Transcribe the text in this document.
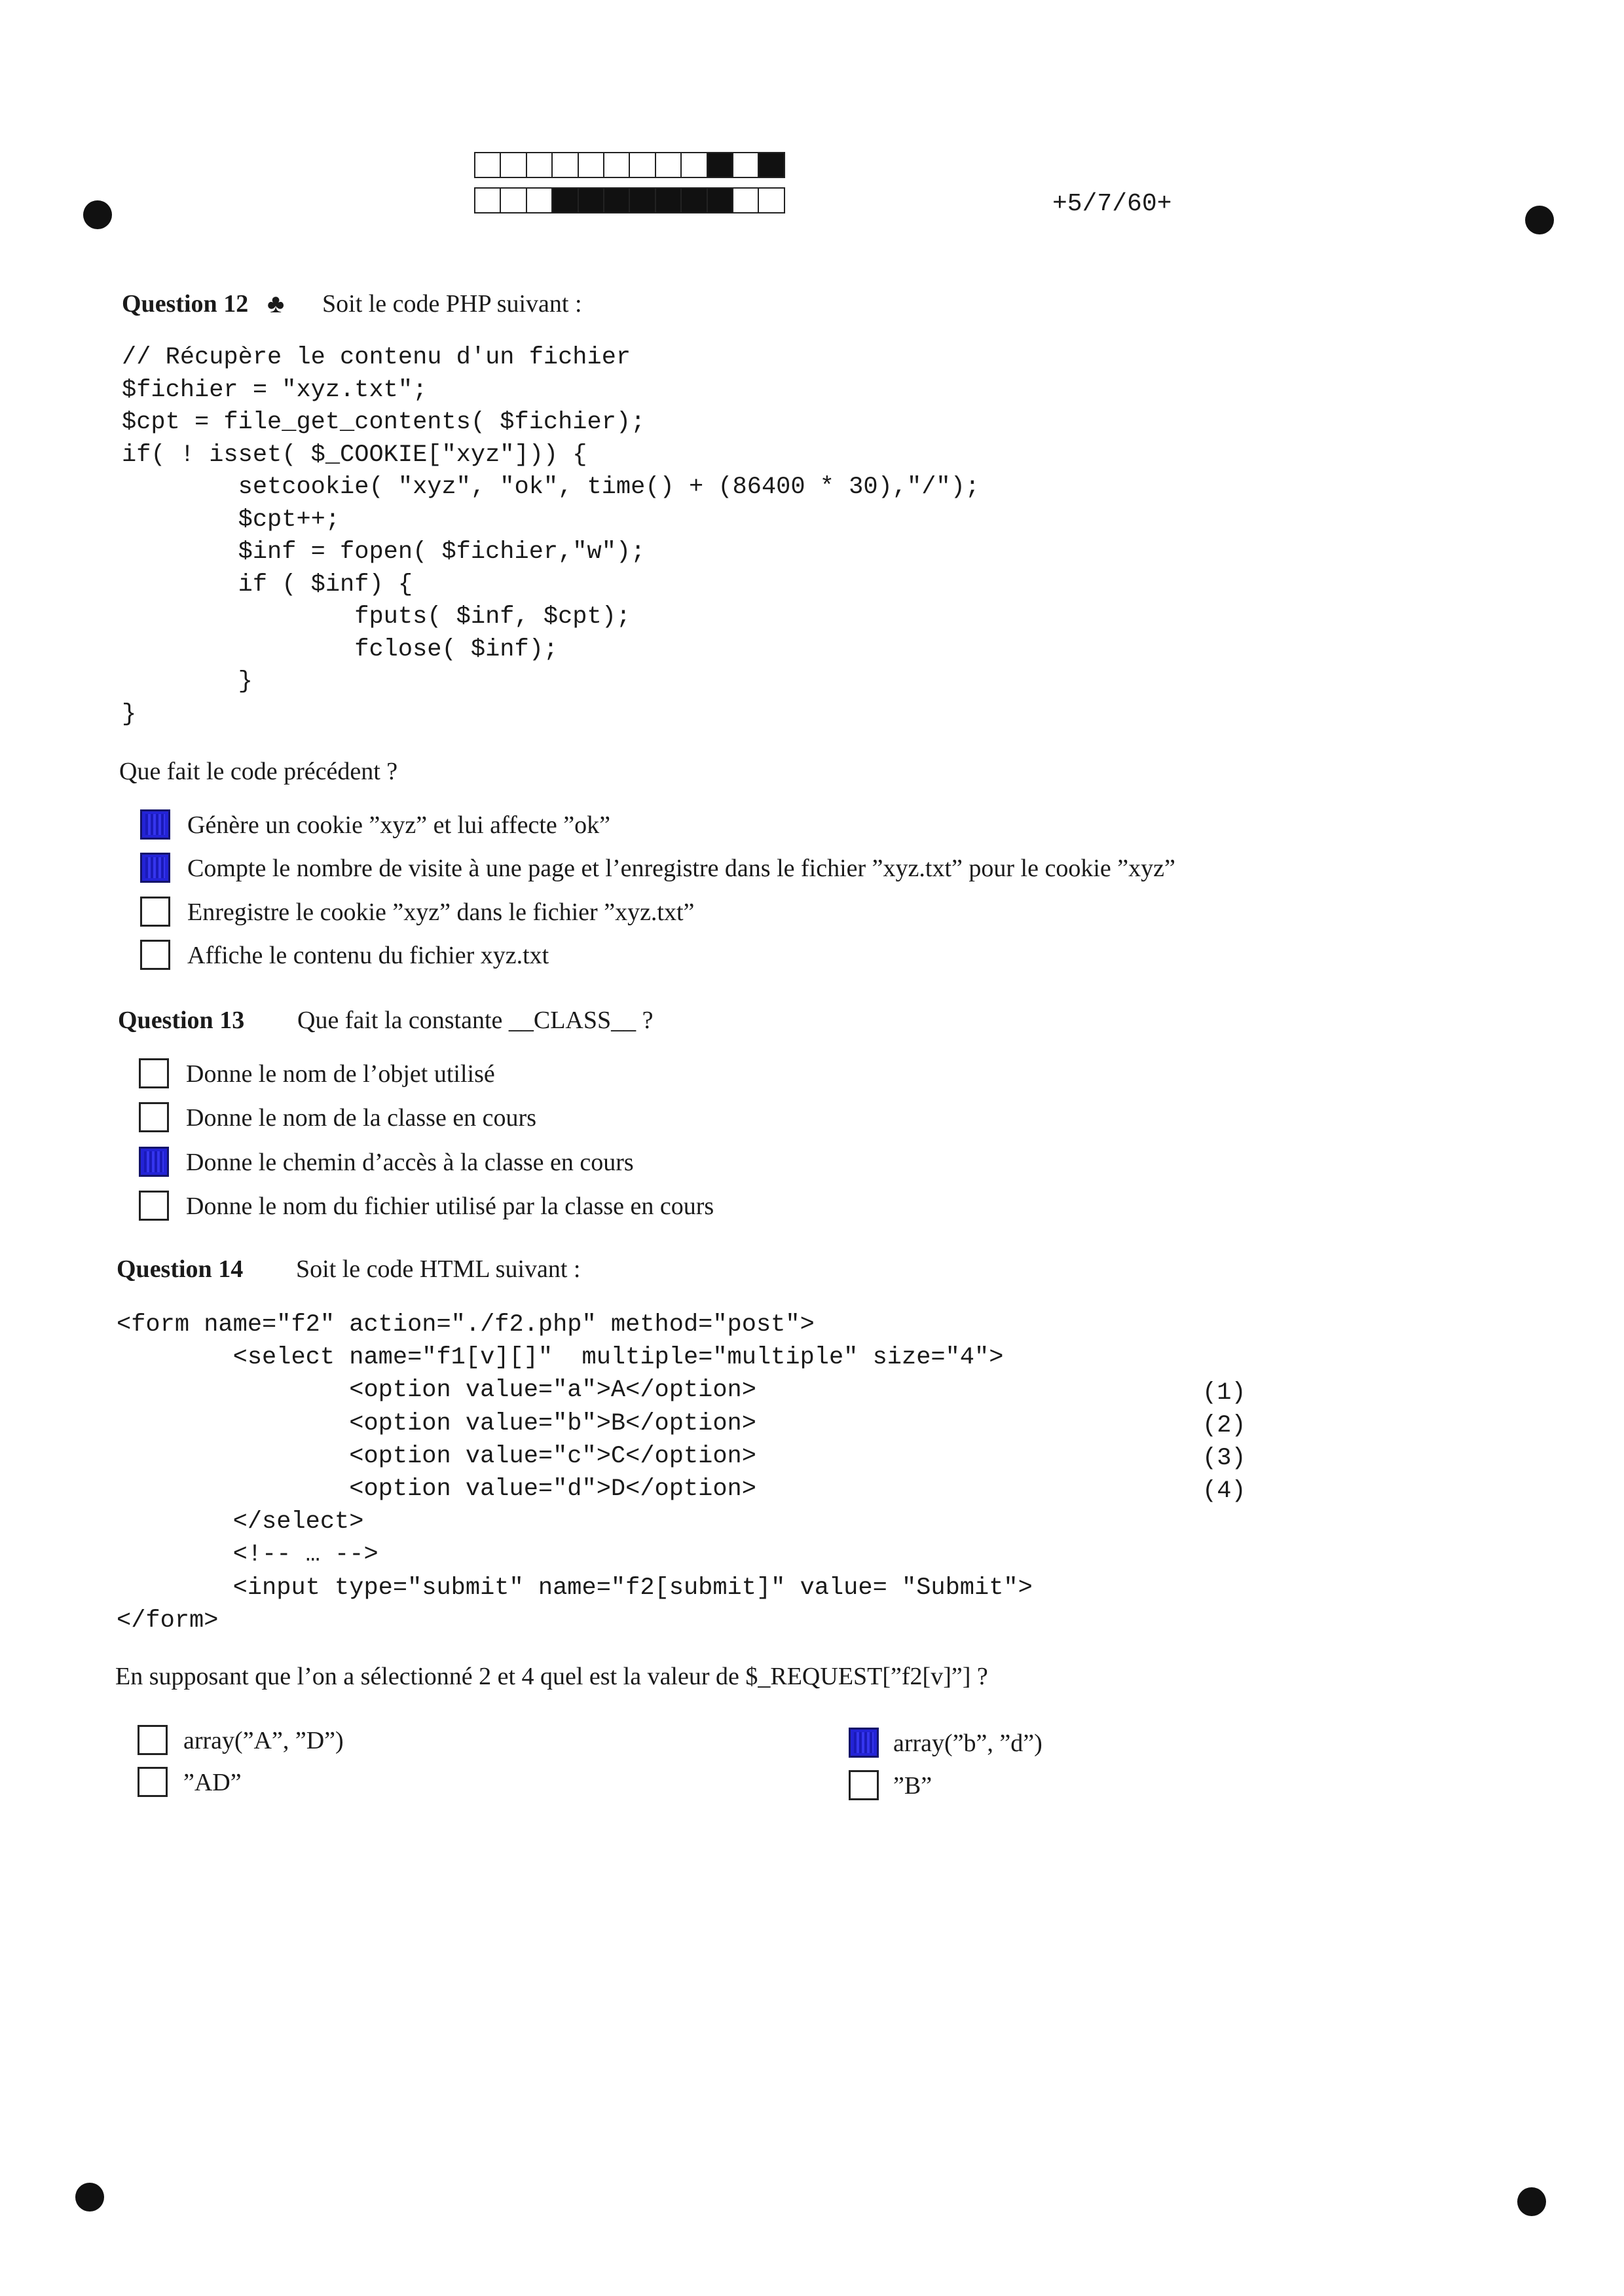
+5/7/60+
Question 12 ♣ Soit le code PHP suivant :
// Récupère le contenu d'un fichier
$fichier = "xyz.txt";
$cpt = file_get_contents( $fichier);
if( ! isset( $_COOKIE["xyz"])) {
setcookie( "xyz", "ok", time() + (86400 * 30),"/");
$cpt++;
$inf = fopen( $fichier,"w");
if ( $inf) {
fputs( $inf, $cpt);
fclose( $inf);
}
}
Que fait le code précédent ?
Génère un cookie ”xyz” et lui affecte ”ok”
Compte le nombre de visite à une page et l’enregistre dans le fichier ”xyz.txt” pour le cookie ”xyz”
Enregistre le cookie ”xyz” dans le fichier ”xyz.txt”
Affiche le contenu du fichier xyz.txt
Question 13 Que fait la constante __CLASS__ ?
Donne le nom de l’objet utilisé
Donne le nom de la classe en cours
Donne le chemin d’accès à la classe en cours
Donne le nom du fichier utilisé par la classe en cours
Question 14 Soit le code HTML suivant :
<form name="f2" action="./f2.php" method="post">
<select name="f1[v][]"  multiple="multiple" size="4">
<option value="a">A</option>
<option value="b">B</option>
<option value="c">C</option>
<option value="d">D</option>
</select>
<!-- … -->
<input type="submit" name="f2[submit]" value= "Submit">
</form>
(1)
(2)
(3)
(4)
En supposant que l’on a sélectionné 2 et 4 quel est la valeur de $_REQUEST[”f2[v]”] ?
array(”A”, ”D”)	array(”b”, ”d”)
”AD”	”B”
